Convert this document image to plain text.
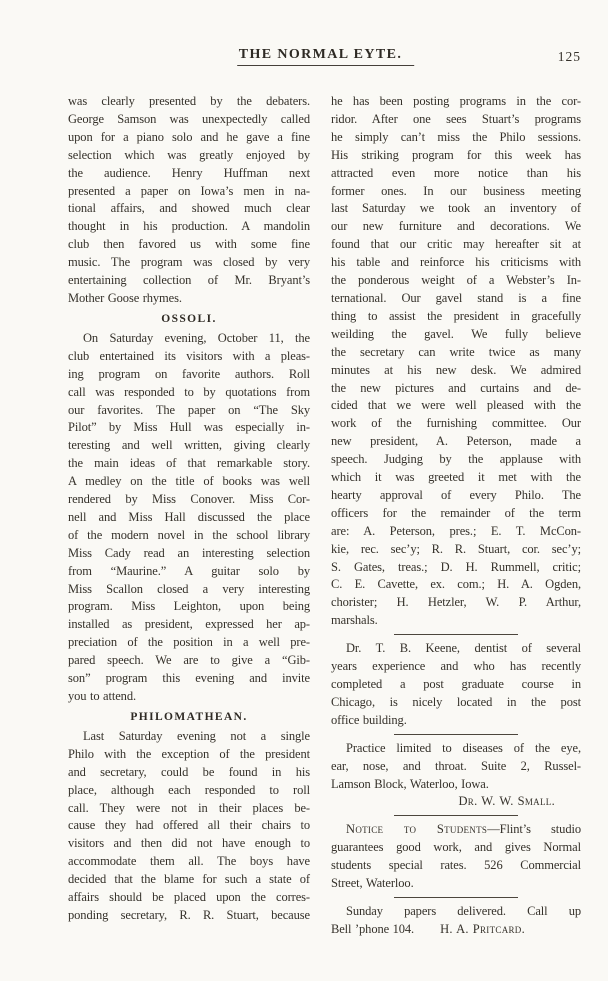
THE NORMAL EYTE.	125
was clearly presented by the debaters.
George Samson was unexpectedly called
upon for a piano solo and he gave a fine
selection which was greatly enjoyed by
the audience. Henry Huffman next
presented a paper on Iowa’s men in na-
tional affairs, and showed much clear
thought in his production. A mandolin
club then favored us with some fine
music. The program was closed by very
entertaining collection of Mr. Bryant’s
Mother Goose rhymes.
OSSOLI.
On Saturday evening, October 11, the
club entertained its visitors with a pleas-
ing program on favorite authors. Roll
call was responded to by quotations from
our favorites. The paper on “The Sky
Pilot” by Miss Hull was especially in-
teresting and well written, giving clearly
the main ideas of that remarkable story.
A medley on the title of books was well
rendered by Miss Conover. Miss Cor-
nell and Miss Hall discussed the place
of the modern novel in the school library
Miss Cady read an interesting selection
from “Maurine.” A guitar solo by
Miss Scallon closed a very interesting
program. Miss Leighton, upon being
installed as president, expressed her ap-
preciation of the position in a well pre-
pared speech. We are to give a “Gib-
son” program this evening and invite
you to attend.
PHILOMATHEAN.
Last Saturday evening not a single
Philo with the exception of the president
and secretary, could be found in his
place, although each responded to roll
call. They were not in their places be-
cause they had offered all their chairs to
visitors and then did not have enough to
accommodate them all. The boys have
decided that the blame for such a state of
affairs should be placed upon the corres-
ponding secretary, R. R. Stuart, because
he has been posting programs in the cor-
ridor. After one sees Stuart’s programs
he simply can’t miss the Philo sessions.
His striking program for this week has
attracted even more notice than his
former ones. In our business meeting
last Saturday we took an inventory of
our new furniture and decorations. We
found that our critic may hereafter sit at
his table and reinforce his criticisms with
the ponderous weight of a Webster’s In-
ternational. Our gavel stand is a fine
thing to assist the president in gracefully
weilding the gavel. We fully believe
the secretary can write twice as many
minutes at his new desk. We admired
the new pictures and curtains and de-
cided that we were well pleased with the
work of the furnishing committee. Our
new president, A. Peterson, made a
speech. Judging by the applause with
which it was greeted it met with the
hearty approval of every Philo. The
officers for the remainder of the term
are: A. Peterson, pres.; E. T. McCon-
kie, rec. sec’y; R. R. Stuart, cor. sec’y;
S. Gates, treas.; D. H. Rummell, critic;
C. E. Cavette, ex. com.; H. A. Ogden,
chorister; H. Hetzler, W. P. Arthur,
marshals.
Dr. T. B. Keene, dentist of several
years experience and who has recently
completed a post graduate course in
Chicago, is nicely located in the post
office building.
Practice limited to diseases of the eye,
ear, nose, and throat. Suite 2, Russel-
Lamson Block, Waterloo, Iowa.
Dr. W. W. Small.
Notice to Students—Flint’s studio
guarantees good work, and gives Normal
students special rates. 526 Commercial
Street, Waterloo.
Sunday papers delivered. Call up
Bell ’phone 104. H. A. Pritcard.
